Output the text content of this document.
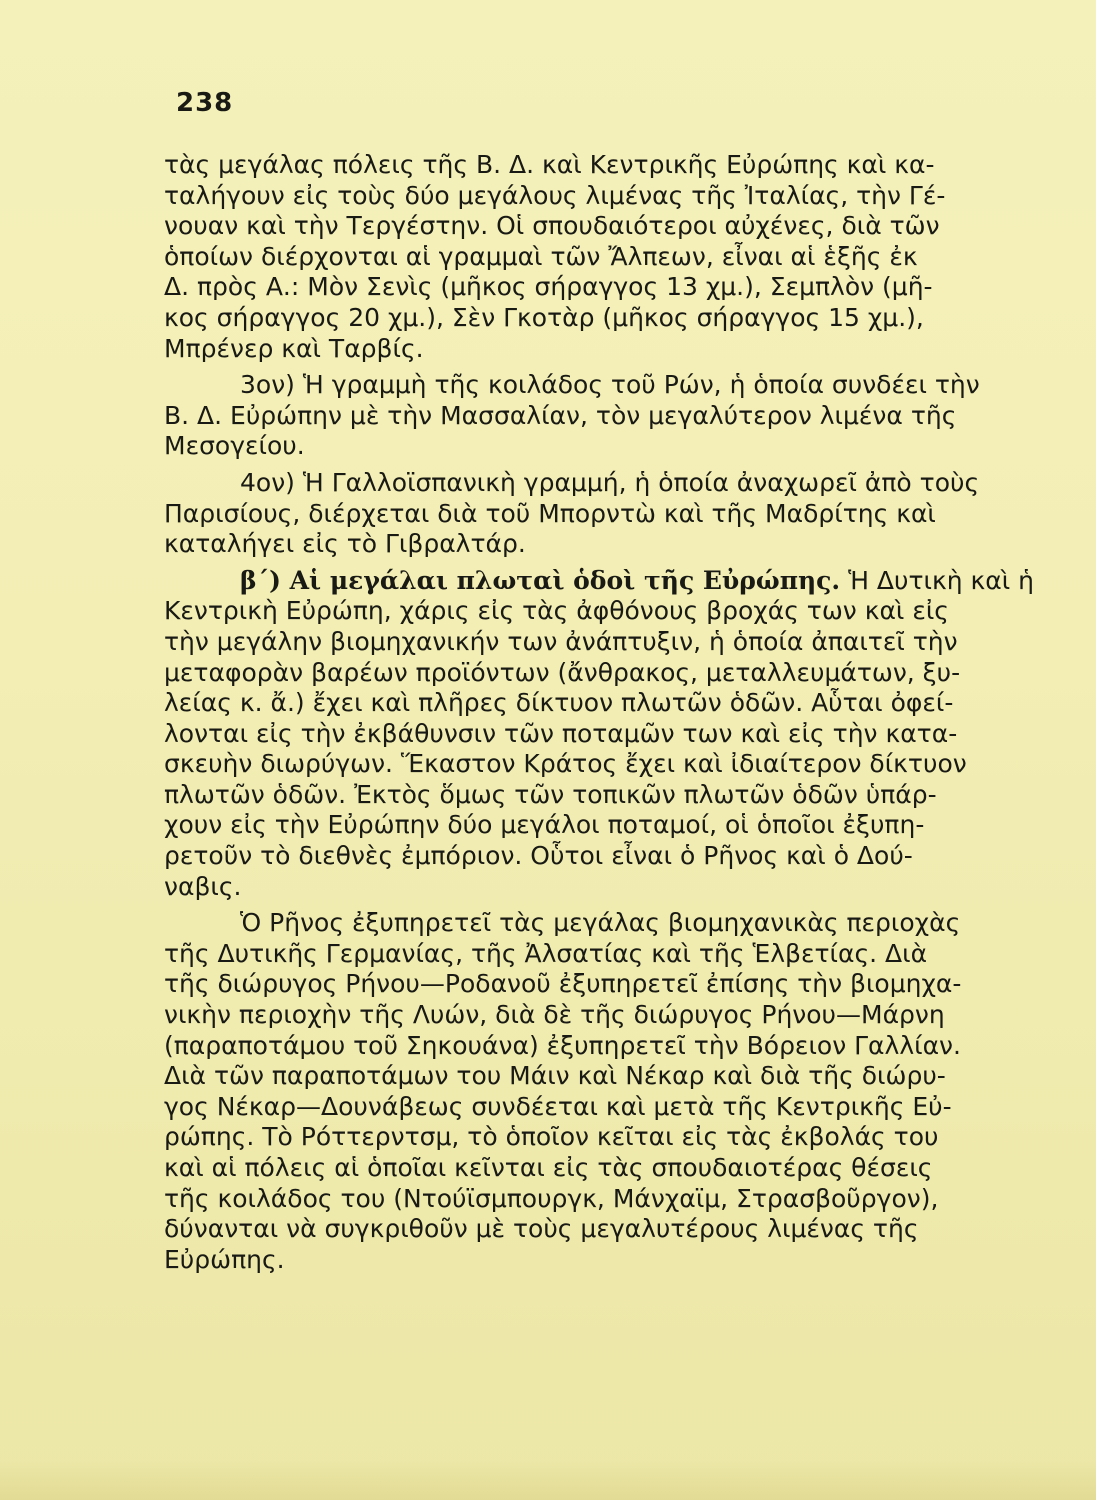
238
τὰς μεγάλας πόλεις τῆς Β. Δ. καὶ Κεντρικῆς Εὐρώπης καὶ κα-
ταλήγουν εἰς τοὺς δύο μεγάλους λιμένας τῆς Ἰταλίας, τὴν Γέ-
νουαν καὶ τὴν Τεργέστην. Οἱ σπουδαιότεροι αὐχένες, διὰ τῶν
ὁποίων διέρχονται αἱ γραμμαὶ τῶν Ἄλπεων, εἶναι αἱ ἑξῆς ἐκ
Δ. πρὸς Α.: Μὸν Σενὶς (μῆκος σήραγγος 13 χμ.), Σεμπλὸν (μῆ-
κος σήραγγος 20 χμ.), Σὲν Γκοτὰρ (μῆκος σήραγγος 15 χμ.),
Μπρένερ καὶ Ταρβίς.
3ον) Ἡ γραμμὴ τῆς κοιλάδος τοῦ Ρών, ἡ ὁποία συνδέει τὴν
Β. Δ. Εὐρώπην μὲ τὴν Μασσαλίαν, τὸν μεγαλύτερον λιμένα τῆς
Μεσογείου.
4ον) Ἡ Γαλλοϊσπανικὴ γραμμή, ἡ ὁποία ἀναχωρεῖ ἀπὸ τοὺς
Παρισίους, διέρχεται διὰ τοῦ Μπορντὼ καὶ τῆς Μαδρίτης καὶ
καταλήγει εἰς τὸ Γιβραλτάρ.
β΄) Αἱ μεγάλαι πλωταὶ ὁδοὶ τῆς Εὐρώπης. Ἡ Δυτικὴ καὶ ἡ
Κεντρικὴ Εὐρώπη, χάρις εἰς τὰς ἀφθόνους βροχάς των καὶ εἰς
τὴν μεγάλην βιομηχανικήν των ἀνάπτυξιν, ἡ ὁποία ἀπαιτεῖ τὴν
μεταφορὰν βαρέων προϊόντων (ἄνθρακος, μεταλλευμάτων, ξυ-
λείας κ. ἄ.) ἔχει καὶ πλῆρες δίκτυον πλωτῶν ὁδῶν. Αὗται ὀφεί-
λονται εἰς τὴν ἐκβάθυνσιν τῶν ποταμῶν των καὶ εἰς τὴν κατα-
σκευὴν διωρύγων. Ἕκαστον Κράτος ἔχει καὶ ἰδιαίτερον δίκτυον
πλωτῶν ὁδῶν. Ἐκτὸς ὅμως τῶν τοπικῶν πλωτῶν ὁδῶν ὑπάρ-
χουν εἰς τὴν Εὐρώπην δύο μεγάλοι ποταμοί, οἱ ὁποῖοι ἐξυπη-
ρετοῦν τὸ διεθνὲς ἐμπόριον. Οὗτοι εἶναι ὁ Ρῆνος καὶ ὁ Δού-
ναβις.
Ὁ Ρῆνος ἐξυπηρετεῖ τὰς μεγάλας βιομηχανικὰς περιοχὰς
τῆς Δυτικῆς Γερμανίας, τῆς Ἀλσατίας καὶ τῆς Ἑλβετίας. Διὰ
τῆς διώρυγος Ρήνου—Ροδανοῦ ἐξυπηρετεῖ ἐπίσης τὴν βιομηχα-
νικὴν περιοχὴν τῆς Λυών, διὰ δὲ τῆς διώρυγος Ρήνου—Μάρνη
(παραποτάμου τοῦ Σηκουάνα) ἐξυπηρετεῖ τὴν Βόρειον Γαλλίαν.
Διὰ τῶν παραποτάμων του Μάιν καὶ Νέκαρ καὶ διὰ τῆς διώρυ-
γος Νέκαρ—Δουνάβεως συνδέεται καὶ μετὰ τῆς Κεντρικῆς Εὐ-
ρώπης. Τὸ Ρόττερντσμ, τὸ ὁποῖον κεῖται εἰς τὰς ἐκβολάς του
καὶ αἱ πόλεις αἱ ὁποῖαι κεῖνται εἰς τὰς σπουδαιοτέρας θέσεις
τῆς κοιλάδος του (Ντούϊσμπουργκ, Μάνχαϊμ, Στρασβοῦργον),
δύνανται νὰ συγκριθοῦν μὲ τοὺς μεγαλυτέρους λιμένας τῆς
Εὐρώπης.
